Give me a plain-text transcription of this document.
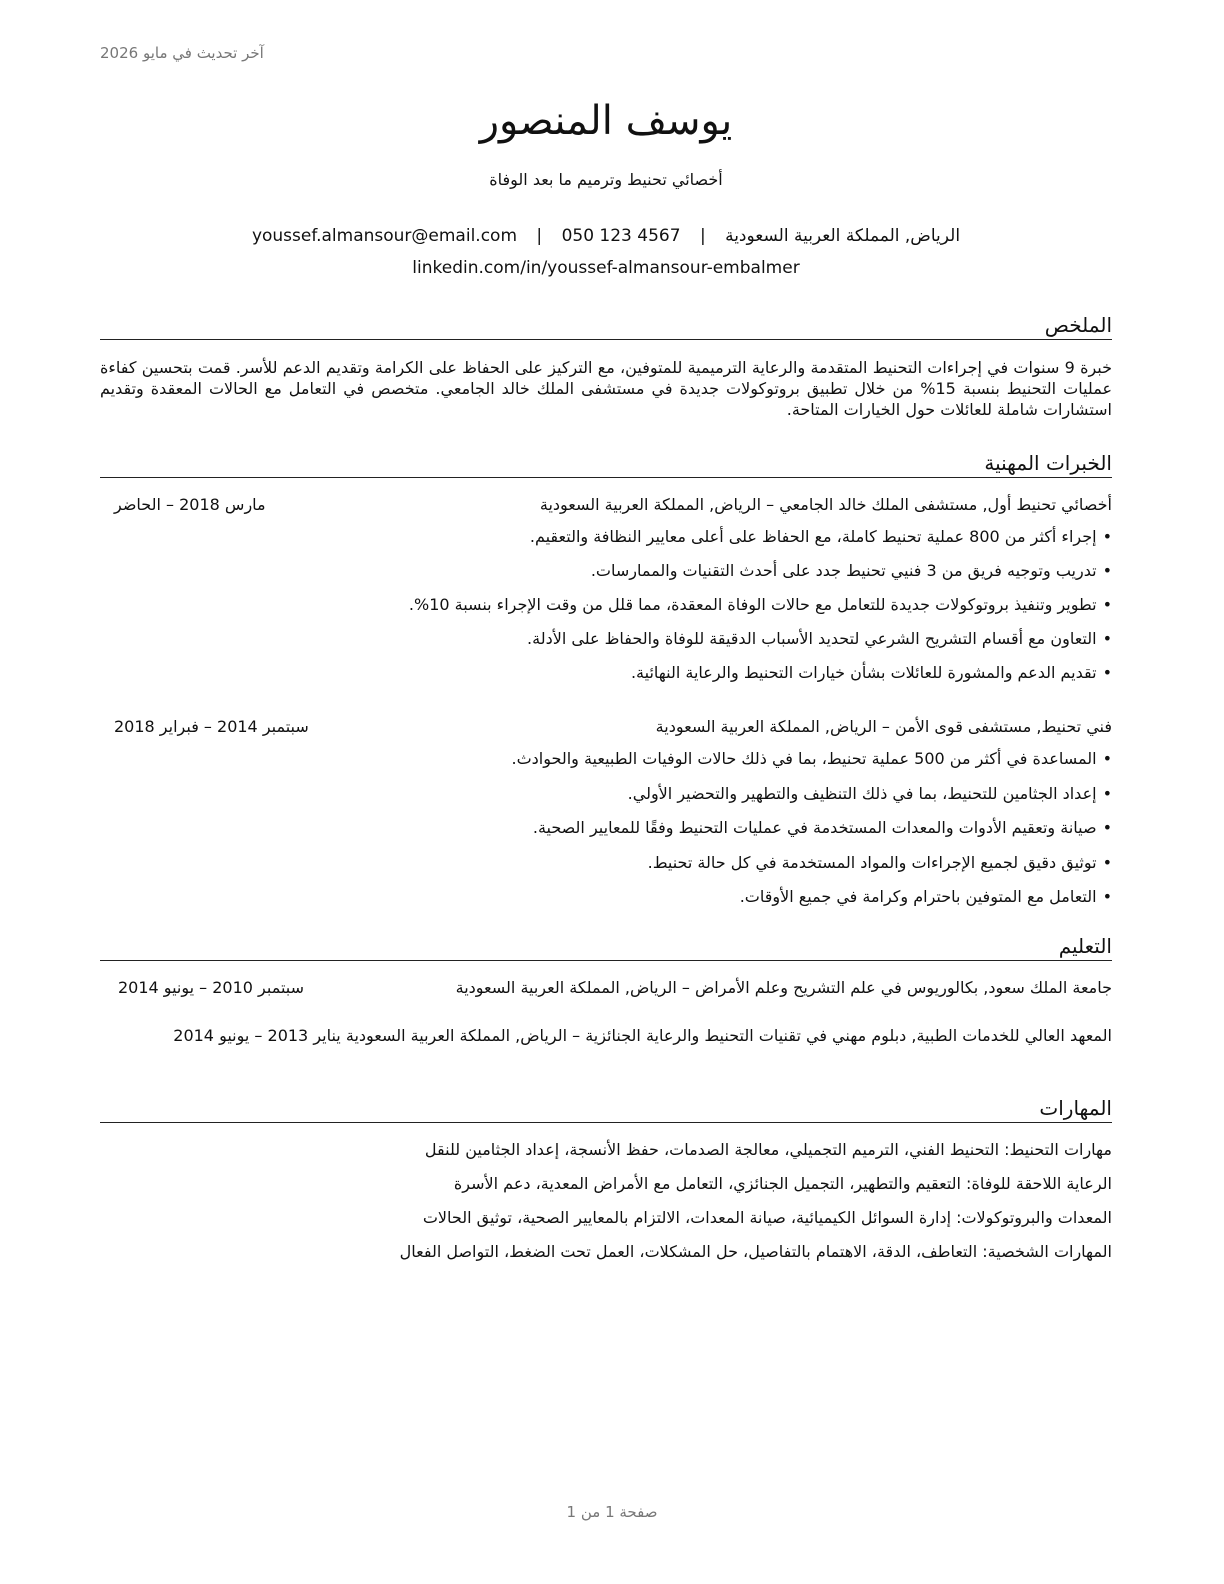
آخر تحديث في مايو 2026
يوسف المنصور
أخصائي تحنيط وترميم ما بعد الوفاة
الرياض, المملكة العربية السعودية | youssef.almansour@email.com | 050 123 4567
linkedin.com/in/youssef-almansour-embalmer
الملخص
خبرة 9 سنوات في إجراءات التحنيط المتقدمة والرعاية الترميمية للمتوفين، مع التركيز على الحفاظ على الكرامة وتقديم الدعم للأسر. قمت بتحسين كفاءة عمليات التحنيط بنسبة 15% من خلال تطبيق بروتوكولات جديدة في مستشفى الملك خالد الجامعي. متخصص في التعامل مع الحالات المعقدة وتقديم استشارات شاملة للعائلات حول الخيارات المتاحة.
الخبرات المهنية
أخصائي تحنيط أول, مستشفى الملك خالد الجامعي – الرياض, المملكة العربية السعودية
مارس 2018 – الحاضر
•إجراء أكثر من 800 عملية تحنيط كاملة، مع الحفاظ على أعلى معايير النظافة والتعقيم.
•تدريب وتوجيه فريق من 3 فنيي تحنيط جدد على أحدث التقنيات والممارسات.
•تطوير وتنفيذ بروتوكولات جديدة للتعامل مع حالات الوفاة المعقدة، مما قلل من وقت الإجراء بنسبة 10%.
•التعاون مع أقسام التشريح الشرعي لتحديد الأسباب الدقيقة للوفاة والحفاظ على الأدلة.
•تقديم الدعم والمشورة للعائلات بشأن خيارات التحنيط والرعاية النهائية.
فني تحنيط, مستشفى قوى الأمن – الرياض, المملكة العربية السعودية
سبتمبر 2014 – فبراير 2018
•المساعدة في أكثر من 500 عملية تحنيط، بما في ذلك حالات الوفيات الطبيعية والحوادث.
•إعداد الجثامين للتحنيط، بما في ذلك التنظيف والتطهير والتحضير الأولي.
•صيانة وتعقيم الأدوات والمعدات المستخدمة في عمليات التحنيط وفقًا للمعايير الصحية.
•توثيق دقيق لجميع الإجراءات والمواد المستخدمة في كل حالة تحنيط.
•التعامل مع المتوفين باحترام وكرامة في جميع الأوقات.
التعليم
جامعة الملك سعود, بكالوريوس في علم التشريح وعلم الأمراض – الرياض, المملكة العربية السعودية
سبتمبر 2010 – يونيو 2014
المعهد العالي للخدمات الطبية, دبلوم مهني في تقنيات التحنيط والرعاية الجنائزية – الرياض, المملكة العربية السعودية يناير 2013 – يونيو 2014
المهارات
مهارات التحنيط: التحنيط الفني، الترميم التجميلي، معالجة الصدمات، حفظ الأنسجة، إعداد الجثامين للنقل
الرعاية اللاحقة للوفاة: التعقيم والتطهير، التجميل الجنائزي، التعامل مع الأمراض المعدية، دعم الأسرة
المعدات والبروتوكولات: إدارة السوائل الكيميائية، صيانة المعدات، الالتزام بالمعايير الصحية، توثيق الحالات
المهارات الشخصية: التعاطف، الدقة، الاهتمام بالتفاصيل، حل المشكلات، العمل تحت الضغط، التواصل الفعال
صفحة 1 من 1
